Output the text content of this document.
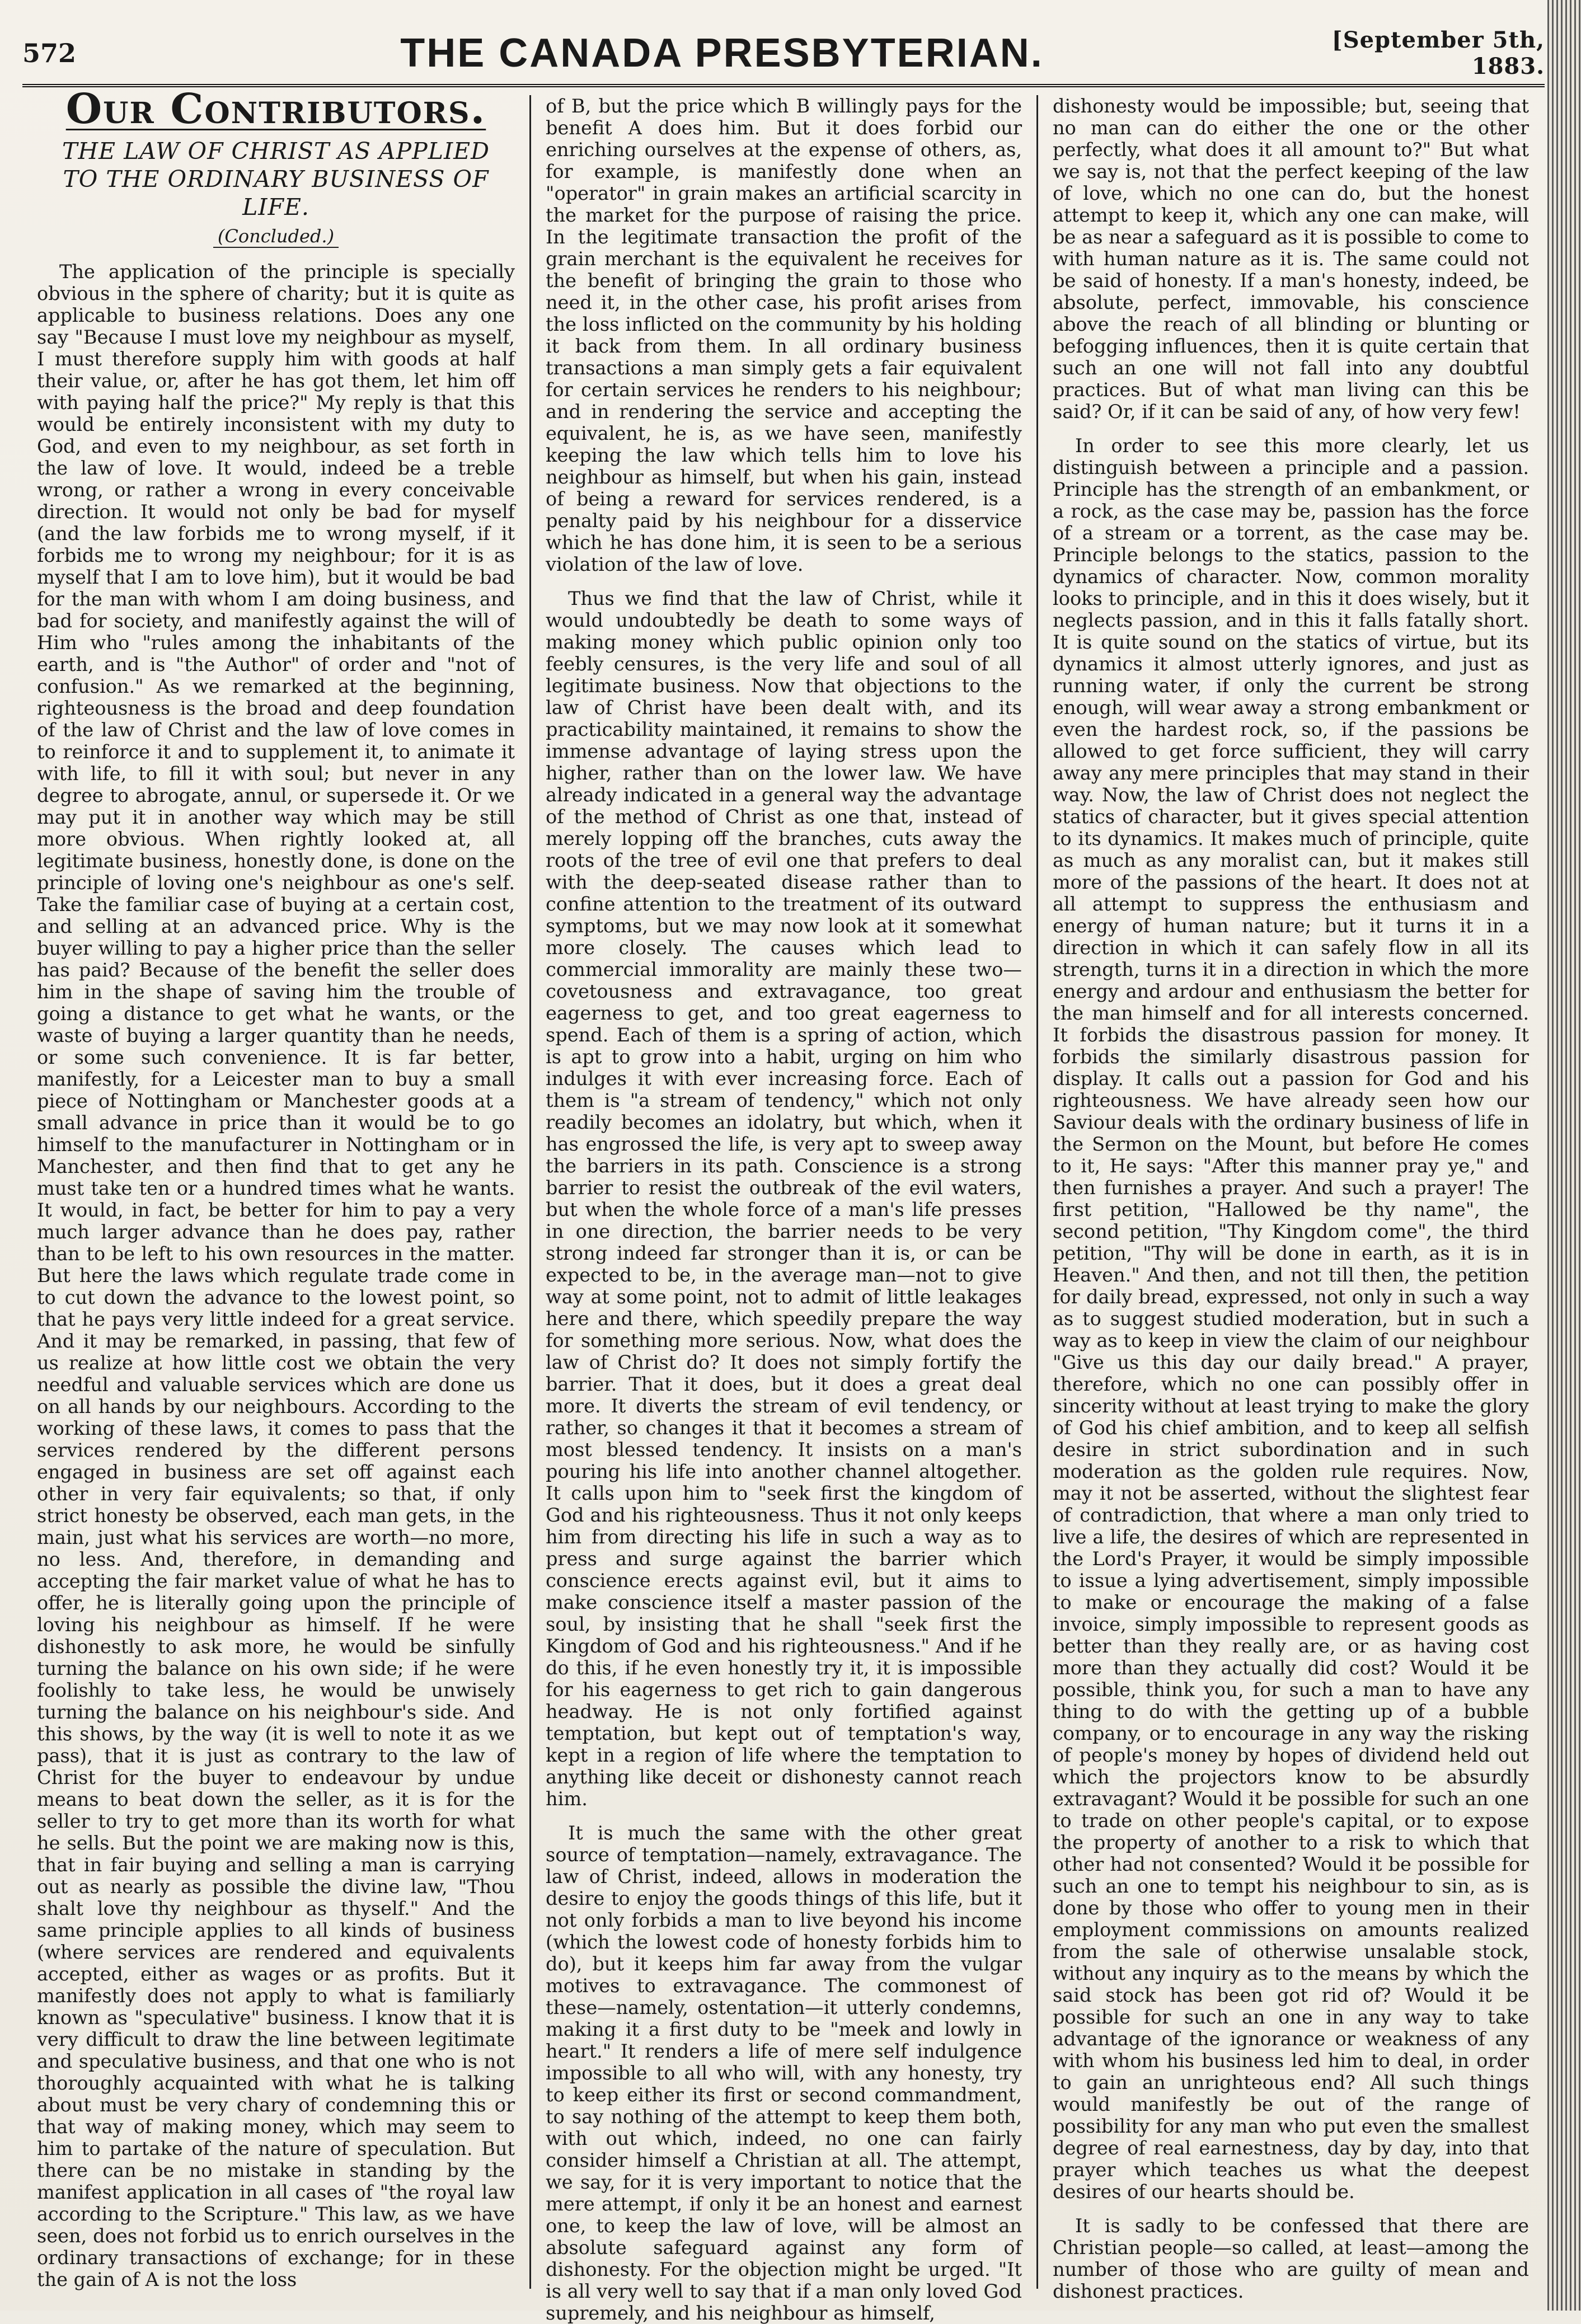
572	THE CANADA PRESBYTERIAN.	[September 5th, 1883.
Our Contributors.
THE LAW OF CHRIST AS APPLIED TO THE ORDINARY BUSINESS OF LIFE.
(Concluded.)

The application of the principle is specially obvious in the sphere of charity; but it is quite as applicable to business relations. Does any one say "Because I must love my neighbour as myself, I must therefore supply him with goods at half their value, or, after he has got them, let him off with paying half the price?" My reply is that this would be entirely inconsistent with my duty to God, and even to my neighbour, as set forth in the law of love. It would, indeed be a treble wrong, or rather a wrong in every conceivable direction. It would not only be bad for myself (and the law forbids me to wrong myself, if it forbids me to wrong my neighbour; for it is as myself that I am to love him), but it would be bad for the man with whom I am doing business, and bad for society, and manifestly against the will of Him who "rules among the inhabitants of the earth, and is "the Author" of order and "not of confusion." As we remarked at the beginning, righteousness is the broad and deep foundation of the law of Christ and the law of love comes in to reinforce it and to supplement it, to animate it with life, to fill it with soul; but never in any degree to abrogate, annul, or supersede it. Or we may put it in another way which may be still more obvious. When rightly looked at, all legitimate business, honestly done, is done on the principle of loving one's neighbour as one's self. Take the familiar case of buying at a certain cost, and selling at an advanced price. Why is the buyer willing to pay a higher price than the seller has paid? Because of the benefit the seller does him in the shape of saving him the trouble of going a distance to get what he wants, or the waste of buying a larger quantity than he needs, or some such convenience. It is far better, manifestly, for a Leicester man to buy a small piece of Nottingham or Manchester goods at a small advance in price than it would be to go himself to the manufacturer in Nottingham or in Manchester, and then find that to get any he must take ten or a hundred times what he wants. It would, in fact, be better for him to pay a very much larger advance than he does pay, rather than to be left to his own resources in the matter. But here the laws which regulate trade come in to cut down the advance to the lowest point, so that he pays very little indeed for a great service. And it may be remarked, in passing, that few of us realize at how little cost we obtain the very needful and valuable services which are done us on all hands by our neighbours. According to the working of these laws, it comes to pass that the services rendered by the different persons engaged in business are set off against each other in very fair equivalents; so that, if only strict honesty be observed, each man gets, in the main, just what his services are worth—no more, no less. And, therefore, in demanding and accepting the fair market value of what he has to offer, he is literally going upon the principle of loving his neighbour as himself. If he were dishonestly to ask more, he would be sinfully turning the balance on his own side; if he were foolishly to take less, he would be unwisely turning the balance on his neighbour's side. And this shows, by the way (it is well to note it as we pass), that it is just as contrary to the law of Christ for the buyer to endeavour by undue means to beat down the seller, as it is for the seller to try to get more than its worth for what he sells. But the point we are making now is this, that in fair buying and selling a man is carrying out as nearly as possible the divine law, "Thou shalt love thy neighbour as thyself." And the same principle applies to all kinds of business (where services are rendered and equivalents accepted, either as wages or as profits. But it manifestly does not apply to what is familiarly known as "speculative" business. I know that it is very difficult to draw the line between legitimate and speculative business, and that one who is not thoroughly acquainted with what he is talking about must be very chary of condemning this or that way of making money, which may seem to him to partake of the nature of speculation. But there can be no mistake in standing by the manifest application in all cases of "the royal law according to the Scripture." This law, as we have seen, does not forbid us to enrich ourselves in the ordinary transactions of exchange; for in these the gain of A is not the loss

of B, but the price which B willingly pays for the benefit A does him. But it does forbid our enriching ourselves at the expense of others, as, for example, is manifestly done when an "operator" in grain makes an artificial scarcity in the market for the purpose of raising the price. In the legitimate transaction the profit of the grain merchant is the equivalent he receives for the benefit of bringing the grain to those who need it, in the other case, his profit arises from the loss inflicted on the community by his holding it back from them. In all ordinary business transactions a man simply gets a fair equivalent for certain services he renders to his neighbour; and in rendering the service and accepting the equivalent, he is, as we have seen, manifestly keeping the law which tells him to love his neighbour as himself, but when his gain, instead of being a reward for services rendered, is a penalty paid by his neighbour for a disservice which he has done him, it is seen to be a serious violation of the law of love.

Thus we find that the law of Christ, while it would undoubtedly be death to some ways of making money which public opinion only too feebly censures, is the very life and soul of all legitimate business. Now that objections to the law of Christ have been dealt with, and its practicability maintained, it remains to show the immense advantage of laying stress upon the higher, rather than on the lower law. We have already indicated in a general way the advantage of the method of Christ as one that, instead of merely lopping off the branches, cuts away the roots of the tree of evil one that prefers to deal with the deep-seated disease rather than to confine attention to the treatment of its outward symptoms, but we may now look at it somewhat more closely. The causes which lead to commercial immorality are mainly these two—covetousness and extravagance, too great eagerness to get, and too great eagerness to spend. Each of them is a spring of action, which is apt to grow into a habit, urging on him who indulges it with ever increasing force. Each of them is "a stream of tendency," which not only readily becomes an idolatry, but which, when it has engrossed the life, is very apt to sweep away the barriers in its path. Conscience is a strong barrier to resist the outbreak of the evil waters, but when the whole force of a man's life presses in one direction, the barrier needs to be very strong indeed far stronger than it is, or can be expected to be, in the average man—not to give way at some point, not to admit of little leakages here and there, which speedily prepare the way for something more serious. Now, what does the law of Christ do? It does not simply fortify the barrier. That it does, but it does a great deal more. It diverts the stream of evil tendency, or rather, so changes it that it becomes a stream of most blessed tendency. It insists on a man's pouring his life into another channel altogether. It calls upon him to "seek first the kingdom of God and his righteousness. Thus it not only keeps him from directing his life in such a way as to press and surge against the barrier which conscience erects against evil, but it aims to make conscience itself a master passion of the soul, by insisting that he shall "seek first the Kingdom of God and his righteousness." And if he do this, if he even honestly try it, it is impossible for his eagerness to get rich to gain dangerous headway. He is not only fortified against temptation, but kept out of temptation's way, kept in a region of life where the temptation to anything like deceit or dishonesty cannot reach him.

It is much the same with the other great source of temptation—namely, extravagance. The law of Christ, indeed, allows in moderation the desire to enjoy the goods things of this life, but it not only forbids a man to live beyond his income (which the lowest code of honesty forbids him to do), but it keeps him far away from the vulgar motives to extravagance. The commonest of these—namely, ostentation—it utterly condemns, making it a first duty to be "meek and lowly in heart." It renders a life of mere self indulgence impossible to all who will, with any honesty, try to keep either its first or second commandment, to say nothing of the attempt to keep them both, with out which, indeed, no one can fairly consider himself a Christian at all. The attempt, we say, for it is very important to notice that the mere attempt, if only it be an honest and earnest one, to keep the law of love, will be almost an absolute safeguard against any form of dishonesty. For the objection might be urged. "It is all very well to say that if a man only loved God supremely, and his neighbour as himself,

dishonesty would be impossible; but, seeing that no man can do either the one or the other perfectly, what does it all amount to?" But what we say is, not that the perfect keeping of the law of love, which no one can do, but the honest attempt to keep it, which any one can make, will be as near a safeguard as it is possible to come to with human nature as it is. The same could not be said of honesty. If a man's honesty, indeed, be absolute, perfect, immovable, his conscience above the reach of all blinding or blunting or befogging influences, then it is quite certain that such an one will not fall into any doubtful practices. But of what man living can this be said? Or, if it can be said of any, of how very few!

In order to see this more clearly, let us distinguish between a principle and a passion. Principle has the strength of an embankment, or a rock, as the case may be, passion has the force of a stream or a torrent, as the case may be. Principle belongs to the statics, passion to the dynamics of character. Now, common morality looks to principle, and in this it does wisely, but it neglects passion, and in this it falls fatally short. It is quite sound on the statics of virtue, but its dynamics it almost utterly ignores, and just as running water, if only the current be strong enough, will wear away a strong embankment or even the hardest rock, so, if the passions be allowed to get force sufficient, they will carry away any mere principles that may stand in their way. Now, the law of Christ does not neglect the statics of character, but it gives special attention to its dynamics. It makes much of principle, quite as much as any moralist can, but it makes still more of the passions of the heart. It does not at all attempt to suppress the enthusiasm and energy of human nature; but it turns it in a direction in which it can safely flow in all its strength, turns it in a direction in which the more energy and ardour and enthusiasm the better for the man himself and for all interests concerned. It forbids the disastrous passion for money. It forbids the similarly disastrous passion for display. It calls out a passion for God and his righteousness. We have already seen how our Saviour deals with the ordinary business of life in the Sermon on the Mount, but before He comes to it, He says: "After this manner pray ye," and then furnishes a prayer. And such a prayer! The first petition, "Hallowed be thy name", the second petition, "Thy Kingdom come", the third petition, "Thy will be done in earth, as it is in Heaven." And then, and not till then, the petition for daily bread, expressed, not only in such a way as to suggest studied moderation, but in such a way as to keep in view the claim of our neighbour "Give us this day our daily bread." A prayer, therefore, which no one can possibly offer in sincerity without at least trying to make the glory of God his chief ambition, and to keep all selfish desire in strict subordination and in such moderation as the golden rule requires. Now, may it not be asserted, without the slightest fear of contradiction, that where a man only tried to live a life, the desires of which are represented in the Lord's Prayer, it would be simply impossible to issue a lying advertisement, simply impossible to make or encourage the making of a false invoice, simply impossible to represent goods as better than they really are, or as having cost more than they actually did cost? Would it be possible, think you, for such a man to have any thing to do with the getting up of a bubble company, or to encourage in any way the risking of people's money by hopes of dividend held out which the projectors know to be absurdly extravagant? Would it be possible for such an one to trade on other people's capital, or to expose the property of another to a risk to which that other had not consented? Would it be possible for such an one to tempt his neighbour to sin, as is done by those who offer to young men in their employment commissions on amounts realized from the sale of otherwise unsalable stock, without any inquiry as to the means by which the said stock has been got rid of? Would it be possible for such an one in any way to take advantage of the ignorance or weakness of any with whom his business led him to deal, in order to gain an unrighteous end? All such things would manifestly be out of the range of possibility for any man who put even the smallest degree of real earnestness, day by day, into that prayer which teaches us what the deepest desires of our hearts should be.

It is sadly to be confessed that there are Christian people—so called, at least—among the number of those who are guilty of mean and dishonest practices.
